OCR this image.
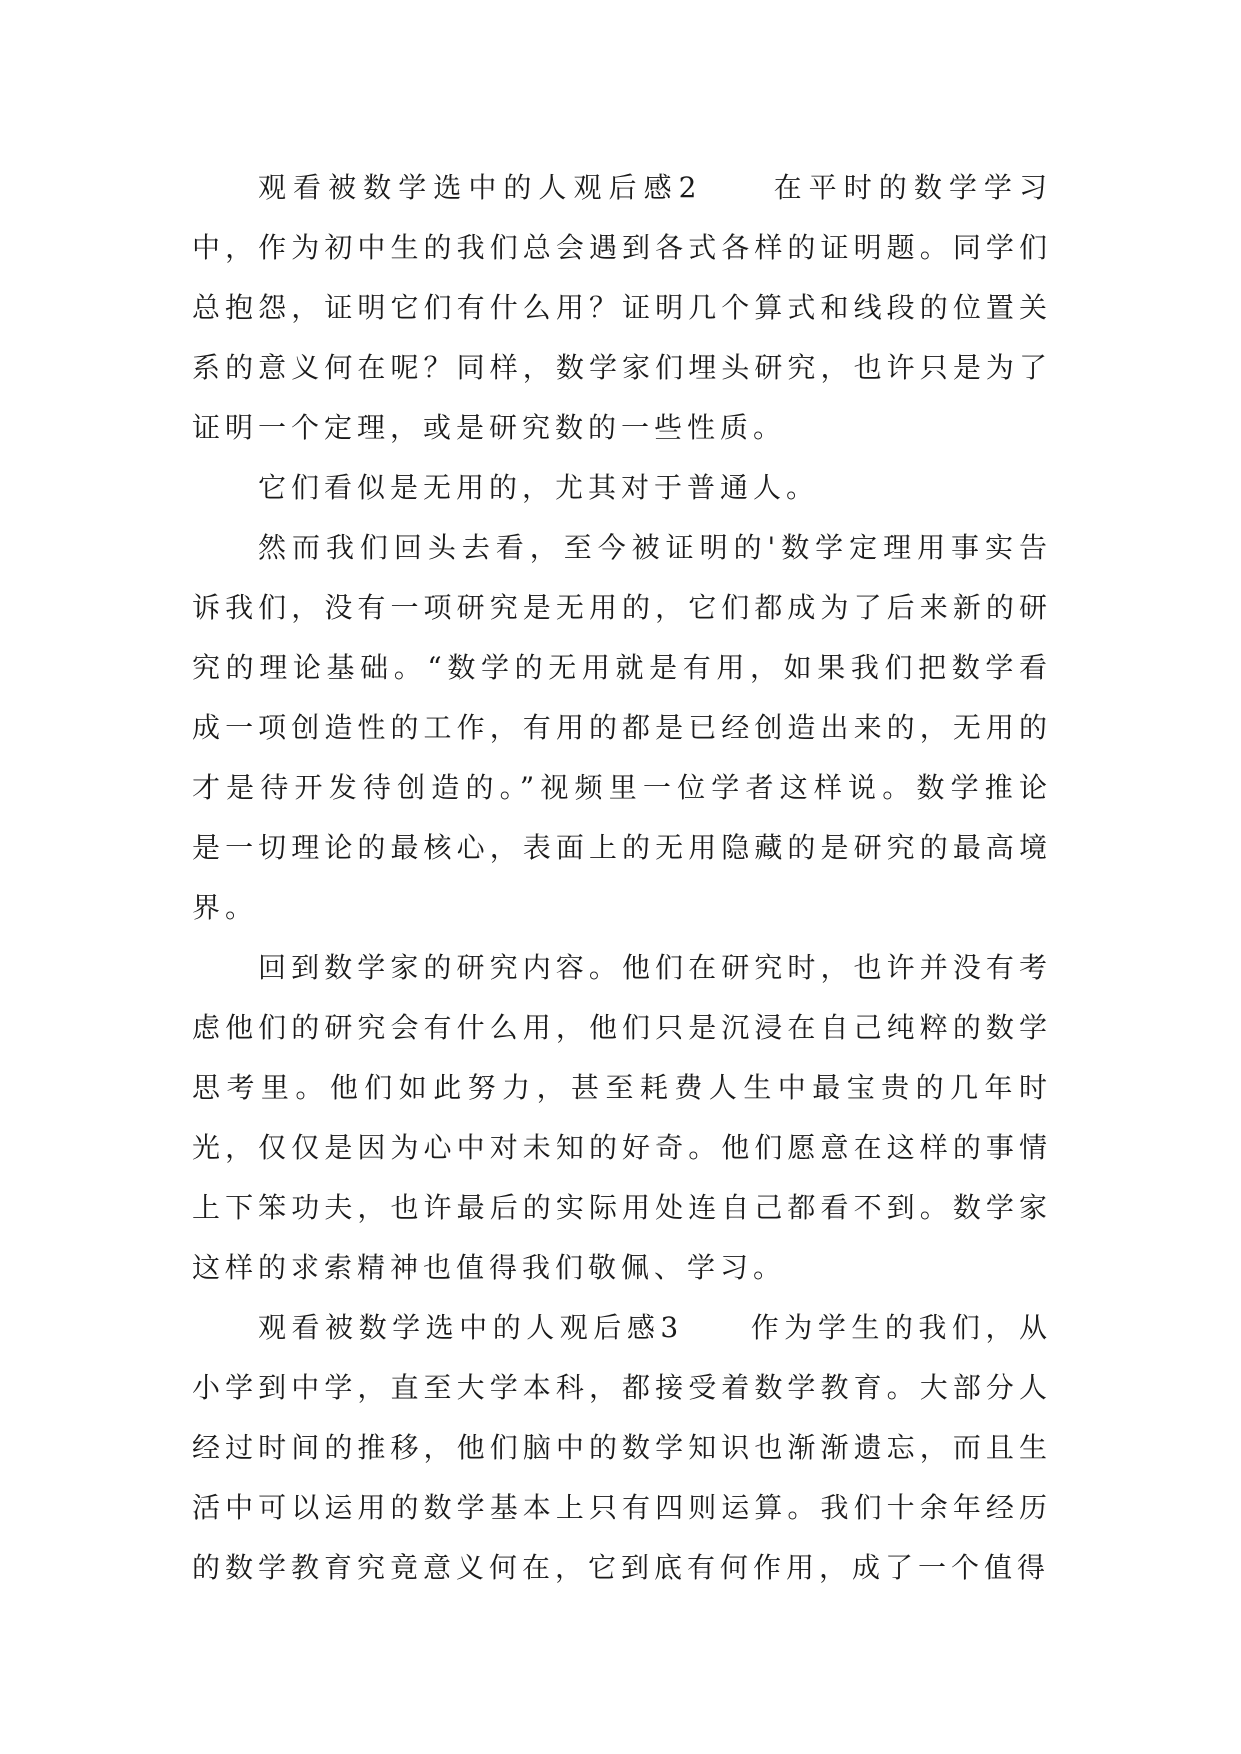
观看被数学选中的人观后感2　　在平时的数学学习中，作为初中生的我们总会遇到各式各样的证明题。同学们总抱怨，证明它们有什么用？证明几个算式和线段的位置关系的意义何在呢？同样，数学家们埋头研究，也许只是为了证明一个定理，或是研究数的一些性质。

它们看似是无用的，尤其对于普通人。

然而我们回头去看，至今被证明的'数学定理用事实告诉我们，没有一项研究是无用的，它们都成为了后来新的研究的理论基础。“数学的无用就是有用，如果我们把数学看成一项创造性的工作，有用的都是已经创造出来的，无用的才是待开发待创造的。”视频里一位学者这样说。数学推论是一切理论的最核心，表面上的无用隐藏的是研究的最高境界。

回到数学家的研究内容。他们在研究时，也许并没有考虑他们的研究会有什么用，他们只是沉浸在自己纯粹的数学思考里。他们如此努力，甚至耗费人生中最宝贵的几年时光，仅仅是因为心中对未知的好奇。他们愿意在这样的事情上下笨功夫，也许最后的实际用处连自己都看不到。数学家这样的求索精神也值得我们敬佩、学习。

观看被数学选中的人观后感3　　作为学生的我们，从小学到中学，直至大学本科，都接受着数学教育。大部分人经过时间的推移，他们脑中的数学知识也渐渐遗忘，而且生活中可以运用的数学基本上只有四则运算。我们十余年经历的数学教育究竟意义何在，它到底有何作用，成了一个值得
